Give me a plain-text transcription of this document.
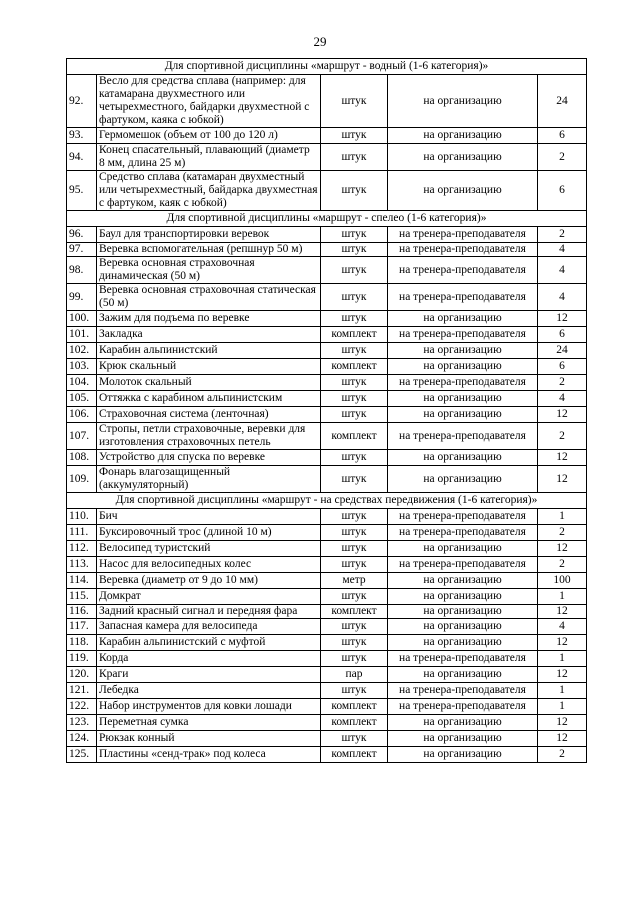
29
Для спортивной дисциплины «маршрут - водный (1-6 категория)»				
92.	Весло для средства сплава (например: для катамарана двухместного или четырехместного, байдарки двухместной с фартуком, каяка с юбкой)	штук	на организацию	24
93.	Гермомешок (объем от 100 до 120 л)	штук	на организацию	6
94.	Конец спасательный, плавающий (диаметр 8 мм, длина 25 м)	штук	на организацию	2
95.	Средство сплава (катамаран двухместный или четырехместный, байдарка двухместная с фартуком, каяк с юбкой)	штук	на организацию	6
Для спортивной дисциплины «маршрут - спелео (1-6 категория)»				
96.	Баул для транспортировки веревок	штук	на тренера-преподавателя	2
97.	Веревка вспомогательная (репшнур 50 м)	штук	на тренера-преподавателя	4
98.	Веревка основная страховочная динамическая (50 м)	штук	на тренера-преподавателя	4
99.	Веревка основная страховочная статическая (50 м)	штук	на тренера-преподавателя	4
100.	Зажим для подъема по веревке	штук	на организацию	12
101.	Закладка	комплект	на тренера-преподавателя	6
102.	Карабин альпинистский	штук	на организацию	24
103.	Крюк скальный	комплект	на организацию	6
104.	Молоток скальный	штук	на тренера-преподавателя	2
105.	Оттяжка с карабином альпинистским	штук	на организацию	4
106.	Страховочная система (ленточная)	штук	на организацию	12
107.	Стропы, петли страховочные, веревки для изготовления страховочных петель	комплект	на тренера-преподавателя	2
108.	Устройство для спуска по веревке	штук	на организацию	12
109.	Фонарь влагозащищенный (аккумуляторный)	штук	на организацию	12
Для спортивной дисциплины «маршрут - на средствах передвижения (1-6 категория)»				
110.	Бич	штук	на тренера-преподавателя	1
111.	Буксировочный трос (длиной 10 м)	штук	на тренера-преподавателя	2
112.	Велосипед туристский	штук	на организацию	12
113.	Насос для велосипедных колес	штук	на тренера-преподавателя	2
114.	Веревка (диаметр от 9 до 10 мм)	метр	на организацию	100
115.	Домкрат	штук	на организацию	1
116.	Задний красный сигнал и передняя фара	комплект	на организацию	12
117.	Запасная камера для велосипеда	штук	на организацию	4
118.	Карабин альпинистский с муфтой	штук	на организацию	12
119.	Корда	штук	на тренера-преподавателя	1
120.	Краги	пар	на организацию	12
121.	Лебедка	штук	на тренера-преподавателя	1
122.	Набор инструментов для ковки лошади	комплект	на тренера-преподавателя	1
123.	Переметная сумка	комплект	на организацию	12
124.	Рюкзак конный	штук	на организацию	12
125.	Пластины «сенд-трак» под колеса	комплект	на организацию	2
